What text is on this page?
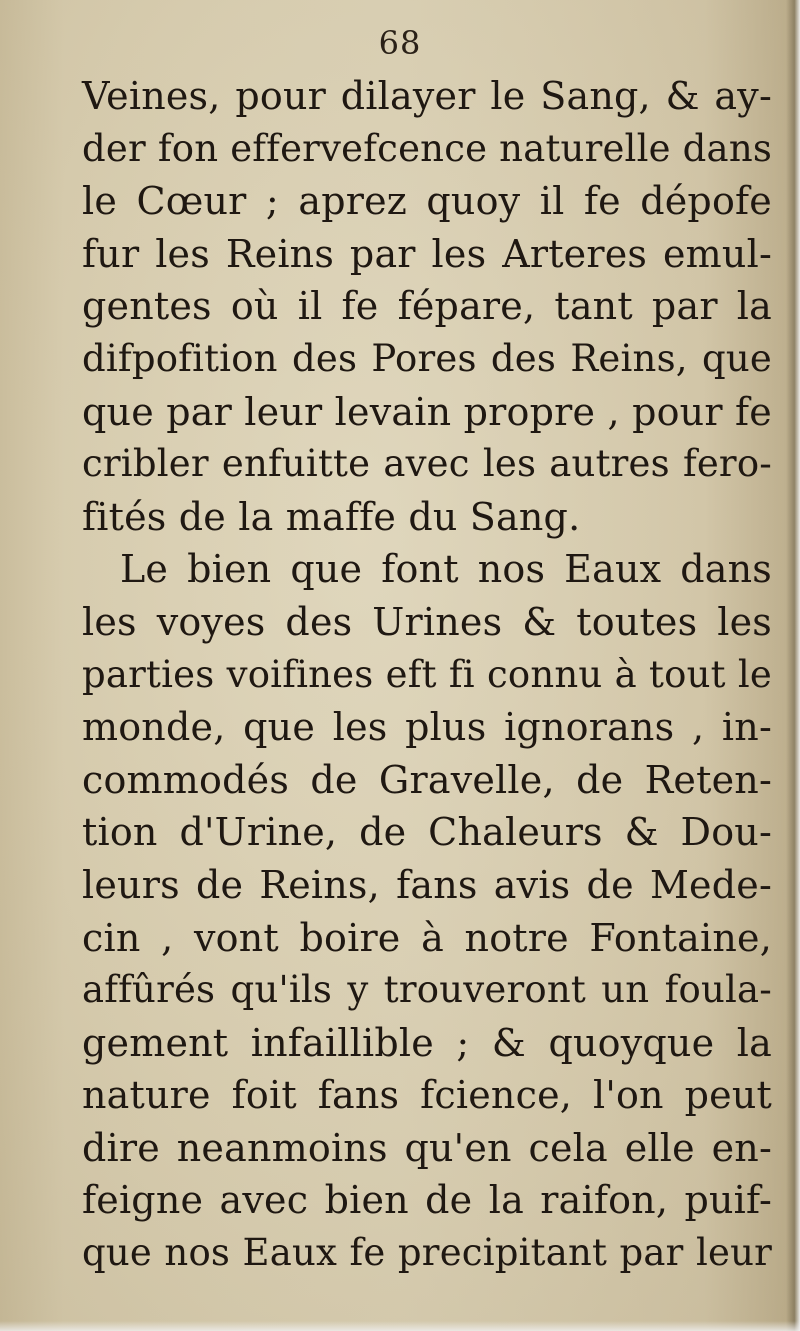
68
Veines, pour dilayer le Sang, & ay-
der fon effervefcence naturelle dans
le Cœur ; aprez quoy il fe dépofe
fur les Reins par les Arteres emul-
gentes où il fe fépare, tant par la
difpofition des Pores des Reins, que
que par leur levain propre , pour fe
cribler enfuitte avec les autres fero-
fités de la maffe du Sang.
Le bien que font nos Eaux dans
les voyes des Urines & toutes les
parties voifines eft fi connu à tout le
monde, que les plus ignorans , in-
commodés de Gravelle, de Reten-
tion d'Urine, de Chaleurs & Dou-
leurs de Reins, fans avis de Mede-
cin , vont boire à notre Fontaine,
affûrés qu'ils y trouveront un foula-
gement infaillible ; & quoyque la
nature foit fans fcience, l'on peut
dire neanmoins qu'en cela elle en-
feigne avec bien de la raifon, puif-
que nos Eaux fe precipitant par leur
